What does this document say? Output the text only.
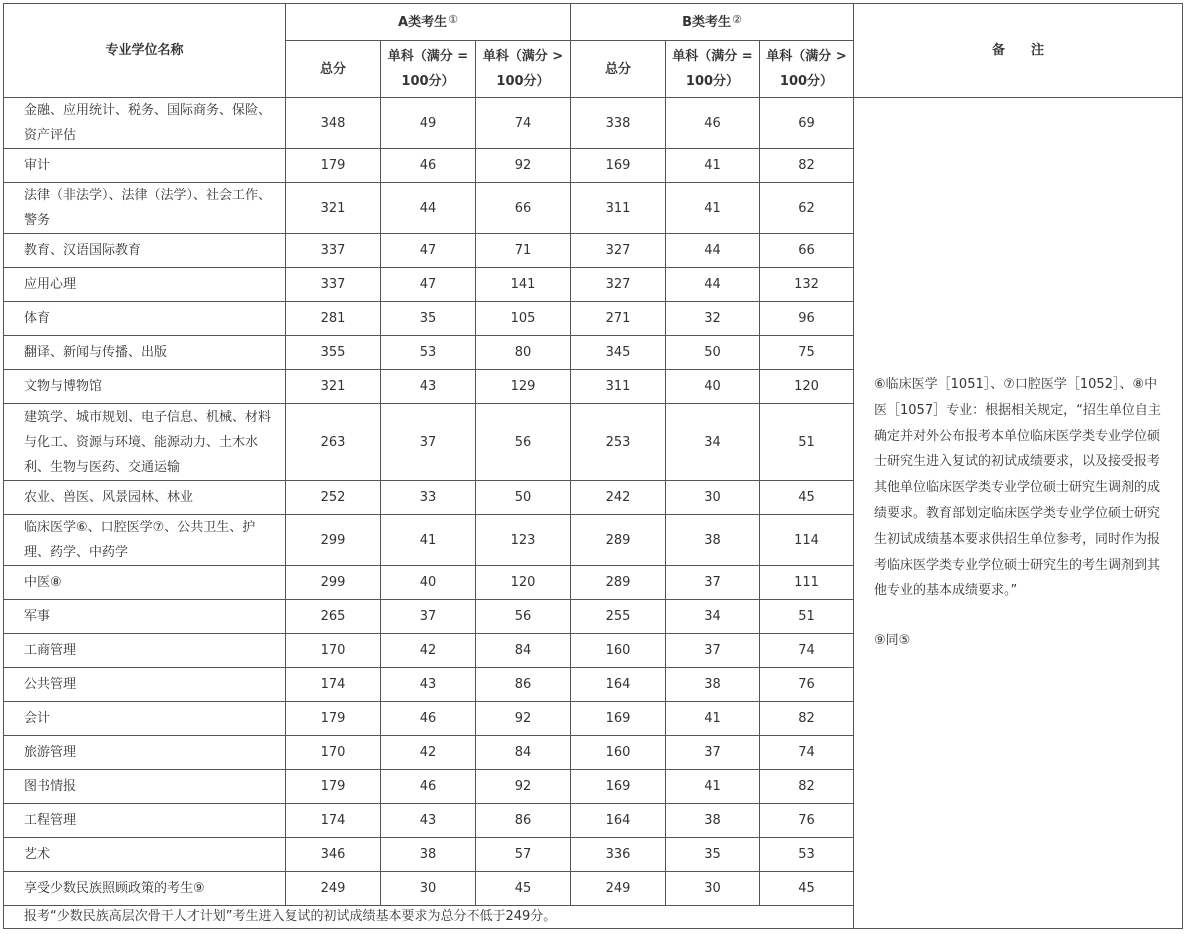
专业学位名称	A类考生①			B类考生②			备　　注
	总分	单科（满分 = 100分）	单科（满分 > 100分）	总分	单科（满分 = 100分）	单科（满分 > 100分）	
金融、应用统计、税务、国际商务、保险、资产评估	348	49	74	338	46	69	⑥临床医学［1051］、⑦口腔医学［1052］、⑧中医［1057］专业：根据相关规定，“招生单位自主确定并对外公布报考本单位临床医学类专业学位硕士研究生进入复试的初试成绩要求，以及接受报考其他单位临床医学类专业学位硕士研究生调剂的成绩要求。教育部划定临床医学类专业学位硕士研究生初试成绩基本要求供招生单位参考，同时作为报考临床医学类专业学位硕士研究生的考生调剂到其他专业的基本成绩要求。”

⑨同⑤

审计	179	46	92	169	41	82	
法律（非法学）、法律（法学）、社会工作、警务	321	44	66	311	41	62	
教育、汉语国际教育	337	47	71	327	44	66	
应用心理	337	47	141	327	44	132	
体育	281	35	105	271	32	96	
翻译、新闻与传播、出版	355	53	80	345	50	75	
文物与博物馆	321	43	129	311	40	120	
建筑学、城市规划、电子信息、机械、材料与化工、资源与环境、能源动力、土木水利、生物与医药、交通运输	263	37	56	253	34	51	
农业、兽医、风景园林、林业	252	33	50	242	30	45	
临床医学⑥、口腔医学⑦、公共卫生、护理、药学、中药学	299	41	123	289	38	114	
中医⑧	299	40	120	289	37	111	
军事	265	37	56	255	34	51	
工商管理	170	42	84	160	37	74	
公共管理	174	43	86	164	38	76	
会计	179	46	92	169	41	82	
旅游管理	170	42	84	160	37	74	
图书情报	179	46	92	169	41	82	
工程管理	174	43	86	164	38	76	
艺术	346	38	57	336	35	53	
享受少数民族照顾政策的考生⑨	249	30	45	249	30	45	
报考“少数民族高层次骨干人才计划”考生进入复试的初试成绩基本要求为总分不低于249分。							
